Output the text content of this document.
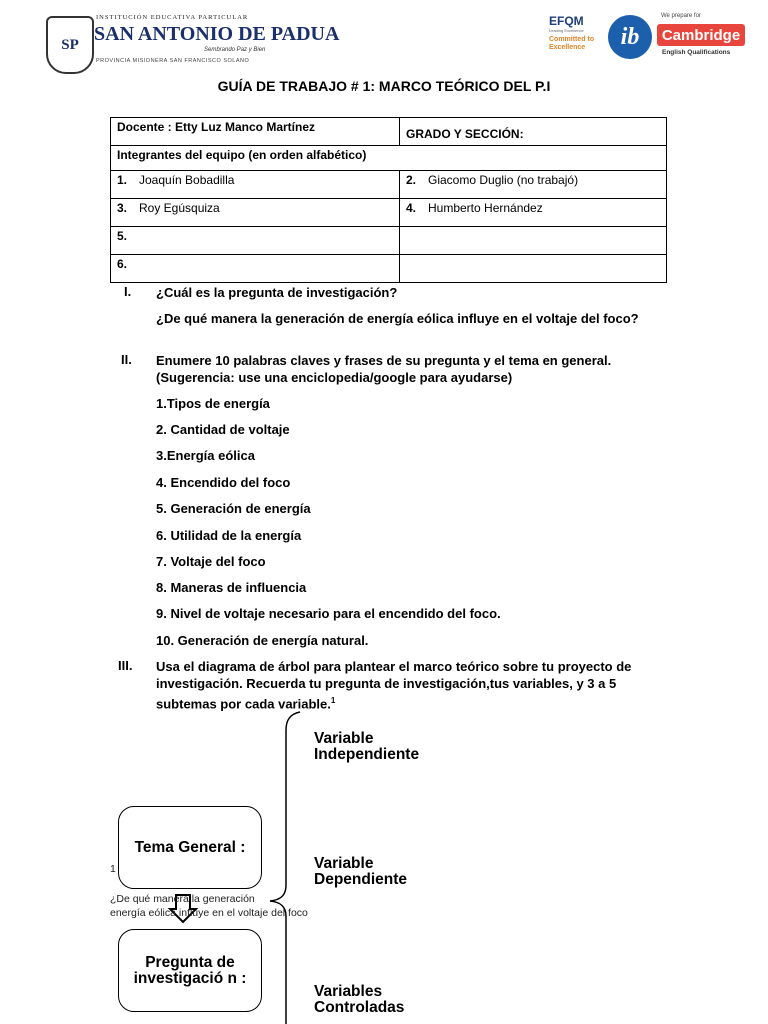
SP
INSTITUCIÓN EDUCATIVA PARTICULAR
SAN ANTONIO DE PADUA
Sembrando Paz y Bien
PROVINCIA MISIONERA SAN FRANCISCO SOLANO
EFQM
Leading Excellence
Committed to Excellence	ib
We prepare for
Cambridge
English Qualifications
GUÍA DE TRABAJO # 1: MARCO TEÓRICO DEL P.I
Docente : Etty Luz Manco Martínez	GRADO Y SECCIÓN:
Integrantes del equipo (en orden alfabético)	
1. Joaquín Bobadilla	2. Giacomo Duglio (no trabajó)
3. Roy Egúsquiza	4. Humberto Hernández
5.	
6.	
I. ¿Cuál es la pregunta de investigación?
¿De qué manera la generación de energía eólica influye en el voltaje del foco?
II. Enumere 10 palabras claves y frases de su pregunta y el tema en general. (Sugerencia: use una enciclopedia/google para ayudarse)
1.Tipos de energía
2. Cantidad de voltaje
3.Energía eólica
4. Encendido del foco
5. Generación de energía
6. Utilidad de la energía
7. Voltaje del foco
8. Maneras de influencia
9. Nivel de voltaje necesario para el encendido del foco.
10. Generación de energía natural.
III. Usa el diagrama de árbol para plantear el marco teórico sobre tu proyecto de investigación. Recuerda tu pregunta de investigación,tus variables, y 3 a 5 subtemas por cada variable.$^1$
Tema General :
Pregunta de investigació n :
Variable Independiente
Variable Dependiente
Variables Controladas
1
¿De qué manera la generación
energía eólica influye en el voltaje del foco
